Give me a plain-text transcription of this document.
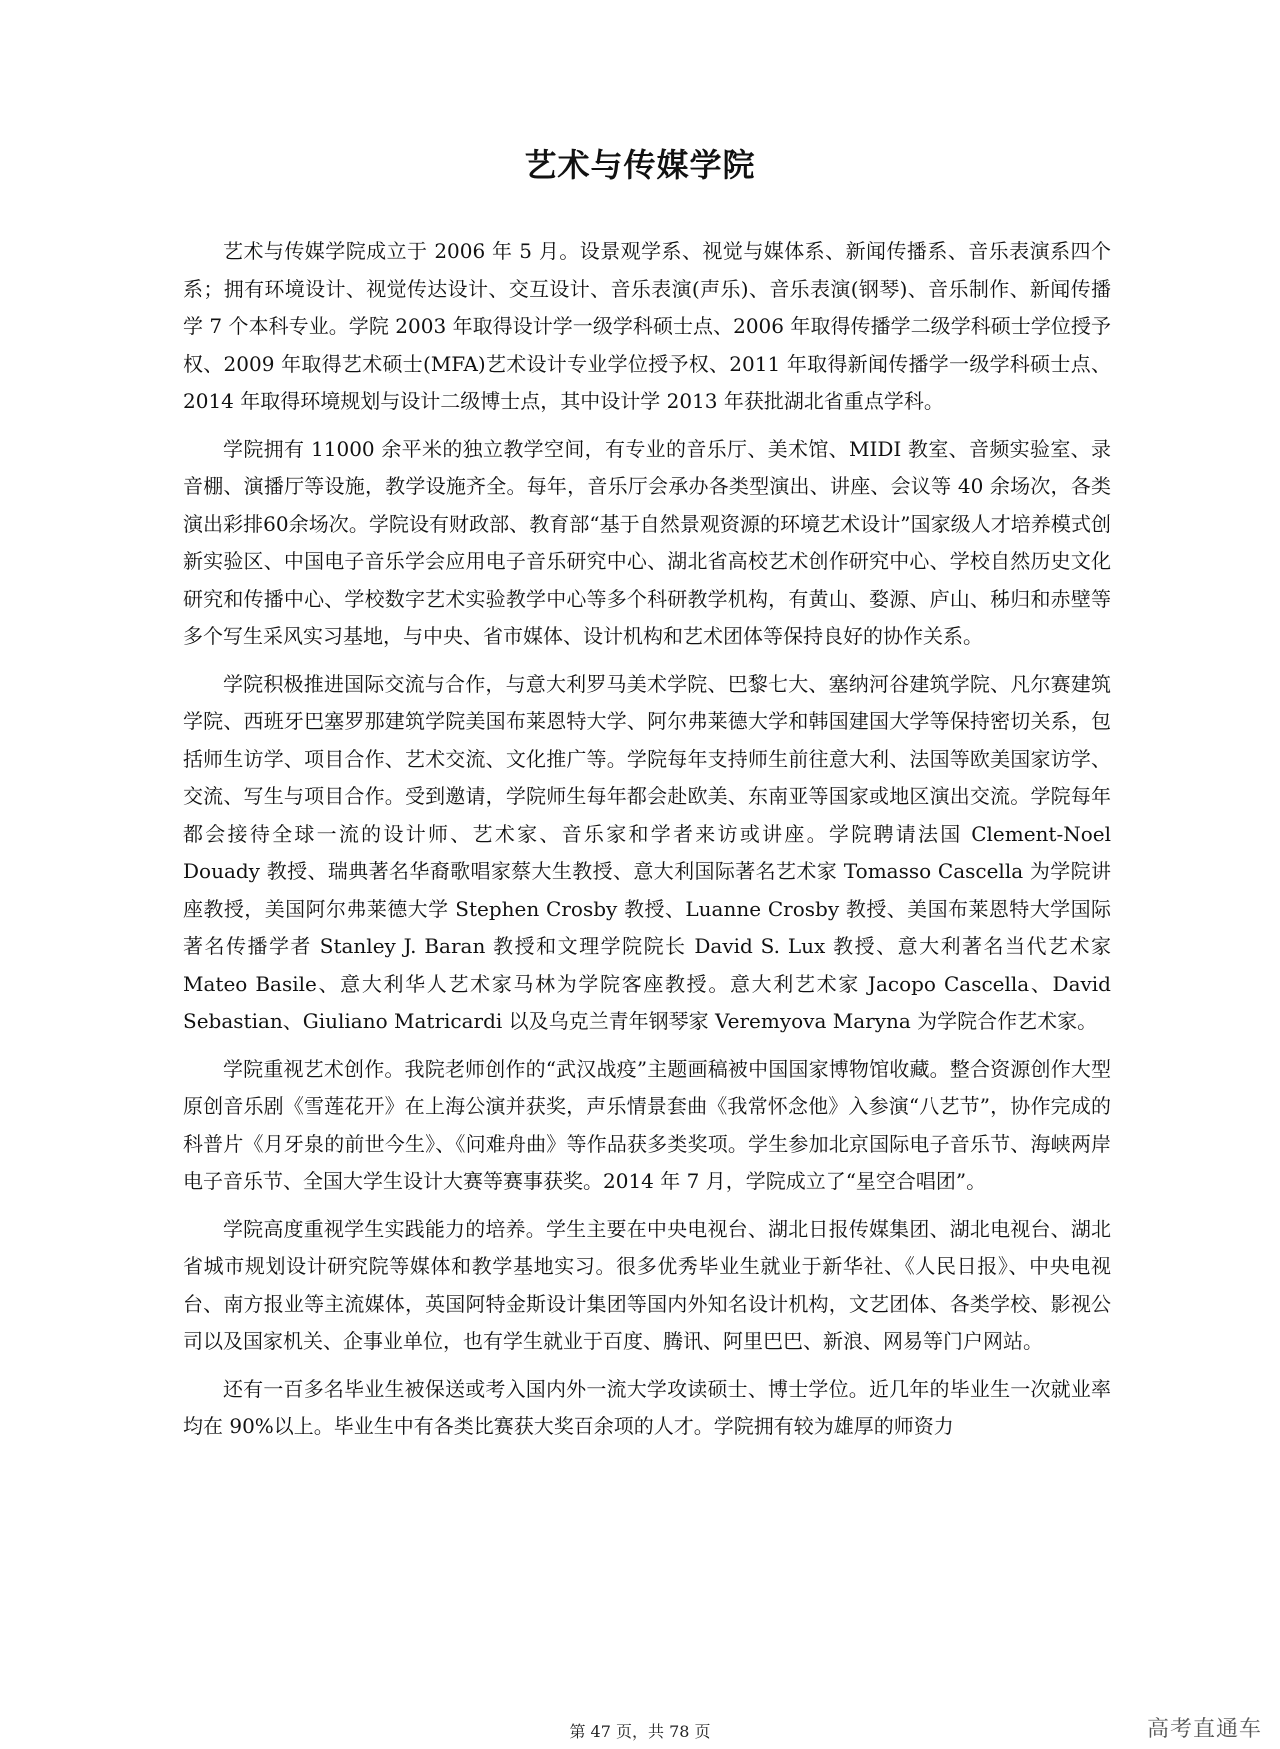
艺术与传媒学院

艺术与传媒学院成立于 2006 年 5 月。设景观学系、视觉与媒体系、新闻传播系、音乐表演系四个系；拥有环境设计、视觉传达设计、交互设计、音乐表演(声乐)、音乐表演(钢琴)、音乐制作、新闻传播学 7 个本科专业。学院 2003 年取得设计学一级学科硕士点、2006 年取得传播学二级学科硕士学位授予权、2009 年取得艺术硕士(MFA)艺术设计专业学位授予权、2011 年取得新闻传播学一级学科硕士点、2014 年取得环境规划与设计二级博士点，其中设计学 2013 年获批湖北省重点学科。

学院拥有 11000 余平米的独立教学空间，有专业的音乐厅、美术馆、MIDI 教室、音频实验室、录音棚、演播厅等设施，教学设施齐全。每年，音乐厅会承办各类型演出、讲座、会议等 40 余场次，各类演出彩排60余场次。学院设有财政部、教育部“基于自然景观资源的环境艺术设计”国家级人才培养模式创新实验区、中国电子音乐学会应用电子音乐研究中心、湖北省高校艺术创作研究中心、学校自然历史文化研究和传播中心、学校数字艺术实验教学中心等多个科研教学机构，有黄山、婺源、庐山、秭归和赤壁等多个写生采风实习基地，与中央、省市媒体、设计机构和艺术团体等保持良好的协作关系。

学院积极推进国际交流与合作，与意大利罗马美术学院、巴黎七大、塞纳河谷建筑学院、凡尔赛建筑学院、西班牙巴塞罗那建筑学院美国布莱恩特大学、阿尔弗莱德大学和韩国建国大学等保持密切关系，包括师生访学、项目合作、艺术交流、文化推广等。学院每年支持师生前往意大利、法国等欧美国家访学、交流、写生与项目合作。受到邀请，学院师生每年都会赴欧美、东南亚等国家或地区演出交流。学院每年都会接待全球一流的设计师、艺术家、音乐家和学者来访或讲座。学院聘请法国 Clement-Noel Douady 教授、瑞典著名华裔歌唱家蔡大生教授、意大利国际著名艺术家 Tomasso Cascella 为学院讲座教授，美国阿尔弗莱德大学 Stephen Crosby 教授、Luanne Crosby 教授、美国布莱恩特大学国际著名传播学者 Stanley J. Baran 教授和文理学院院长 David S. Lux 教授、意大利著名当代艺术家 Mateo Basile、意大利华人艺术家马林为学院客座教授。意大利艺术家 Jacopo Cascella、David Sebastian、Giuliano Matricardi 以及乌克兰青年钢琴家 Veremyova Maryna 为学院合作艺术家。

学院重视艺术创作。我院老师创作的“武汉战疫”主题画稿被中国国家博物馆收藏。整合资源创作大型原创音乐剧《雪莲花开》在上海公演并获奖，声乐情景套曲《我常怀念他》入参演“八艺节”，协作完成的科普片《月牙泉的前世今生》、《问难舟曲》等作品获多类奖项。学生参加北京国际电子音乐节、海峡两岸电子音乐节、全国大学生设计大赛等赛事获奖。2014 年 7 月，学院成立了“星空合唱团”。

学院高度重视学生实践能力的培养。学生主要在中央电视台、湖北日报传媒集团、湖北电视台、湖北省城市规划设计研究院等媒体和教学基地实习。很多优秀毕业生就业于新华社、《人民日报》、中央电视台、南方报业等主流媒体，英国阿特金斯设计集团等国内外知名设计机构，文艺团体、各类学校、影视公司以及国家机关、企事业单位，也有学生就业于百度、腾讯、阿里巴巴、新浪、网易等门户网站。

还有一百多名毕业生被保送或考入国内外一流大学攻读硕士、博士学位。近几年的毕业生一次就业率均在 90%以上。毕业生中有各类比赛获大奖百余项的人才。学院拥有较为雄厚的师资力

第 47 页，共 78 页	高考直通车
